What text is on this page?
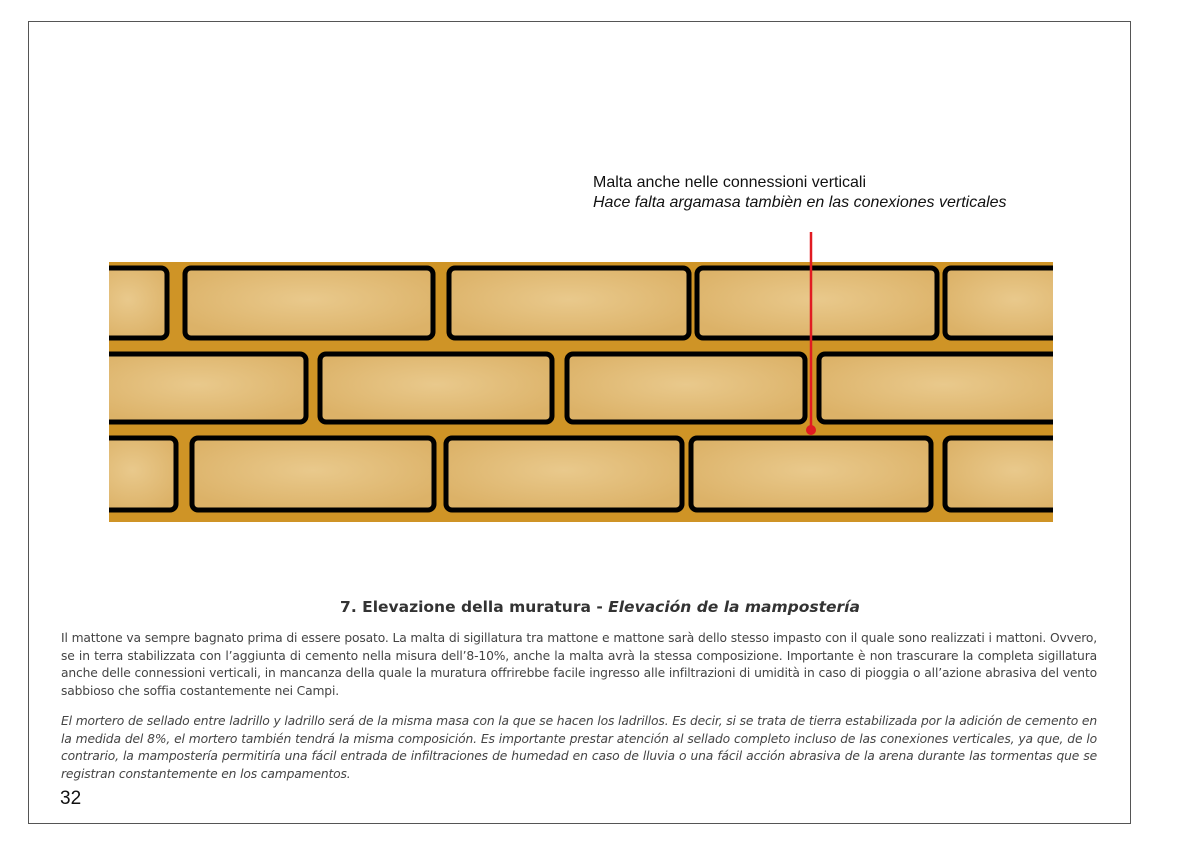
Malta anche nelle connessioni verticali
Hace falta argamasa tambièn en las conexiones verticales
7. Elevazione della muratura - Elevación de la mampostería

Il mattone va sempre bagnato prima di essere posato. La malta di sigillatura tra mattone e mattone sarà dello stesso impasto con il quale sono realizzati i mattoni. Ovvero, se in terra stabilizzata con l’aggiunta di cemento nella misura dell’8-10%, anche la malta avrà la stessa composizione. Importante è non trascurare la completa sigillatura anche delle connessioni verticali, in mancanza della quale la muratura offrirebbe facile ingresso alle infiltrazioni di umidità in caso di pioggia o all’azione abrasiva del vento sabbioso che soffia costantemente nei Campi.

El mortero de sellado entre ladrillo y ladrillo será de la misma masa con la que se hacen los ladrillos. Es decir, si se trata de tierra estabilizada por la adición de cemento en la medida del 8%, el mortero también tendrá la misma composición. Es importante prestar atención al sellado completo incluso de las conexiones verticales, ya que, de lo contrario, la mampostería permitiría una fácil entrada de infiltraciones de humedad en caso de lluvia o una fácil acción abrasiva de la arena durante las tormentas que se registran constantemente en los campamentos.

32
